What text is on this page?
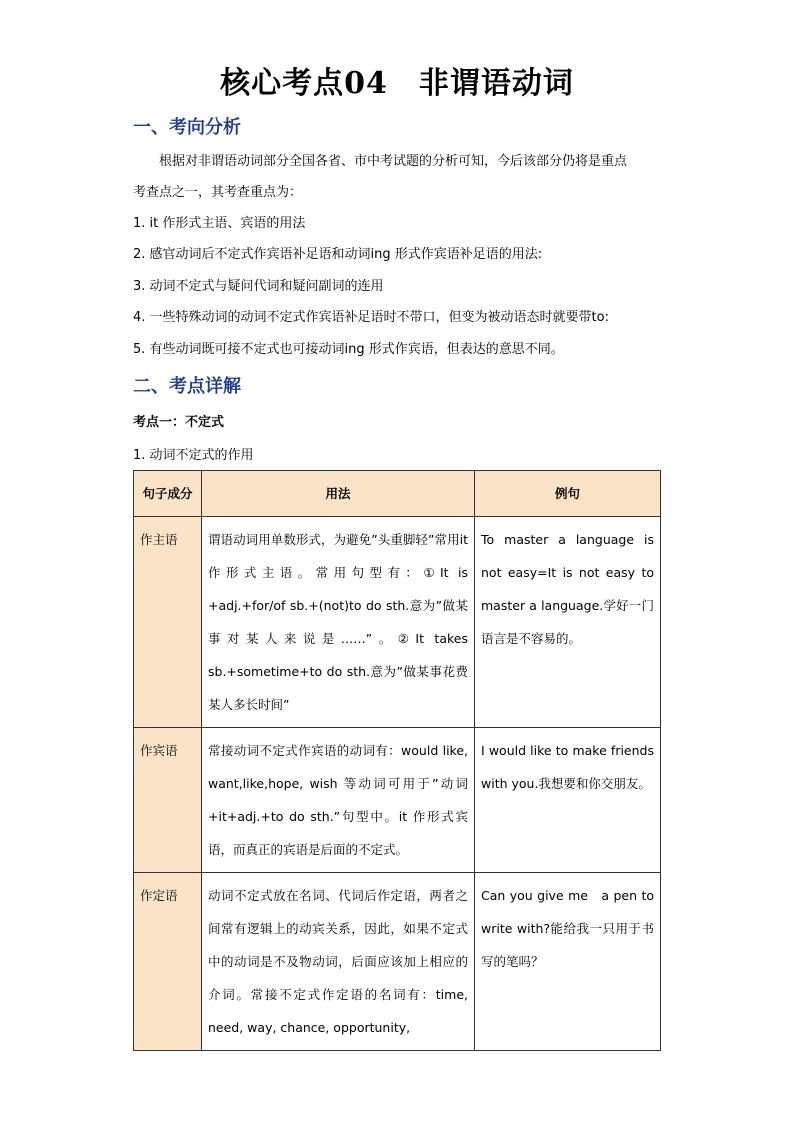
核心考点04　非谓语动词
一、考向分析
　　根据对非谓语动词部分全国各省、市中考试题的分析可知，今后该部分仍将是重点
考查点之一，其考查重点为：
1. it 作形式主语、宾语的用法
2. 感官动词后不定式作宾语补足语和动词ing 形式作宾语补足语的用法:
3. 动词不定式与疑问代词和疑问副词的连用
4. 一些特殊动词的动词不定式作宾语补足语时不带口，但变为被动语态时就要带to:
5. 有些动词既可接不定式也可接动词ing 形式作宾语，但表达的意思不同。
二、考点详解
考点一：不定式
1. 动词不定式的作用
句子成分	用法	例句
作主语	谓语动词用单数形式，为避免”头重脚轻”常用it 作形式主语。常用句型有：①It is +adj.+for/of sb.+(not)to do sth.意为”做某事对某人来说是……”。②It takes sb.+sometime+to do sth.意为”做某事花费某人多长时间”	To master a language is not easy=It is not easy to master a language.学好一门语言是不容易的。
作宾语	常接动词不定式作宾语的动词有：would like, want,like,hope, wish 等动词可用于”动词+it+adj.+to do sth.”句型中。it 作形式宾语，而真正的宾语是后面的不定式。	I would like to make friends with you.我想要和你交朋友。
作定语	动词不定式放在名词、代词后作定语，两者之间常有逻辑上的动宾关系，因此，如果不定式中的动词是不及物动词，后面应该加上相应的介词。常接不定式作定语的名词有：time, need, way, chance, opportunity,	Can you give me　a pen to write with?能给我一只用于书写的笔吗？
